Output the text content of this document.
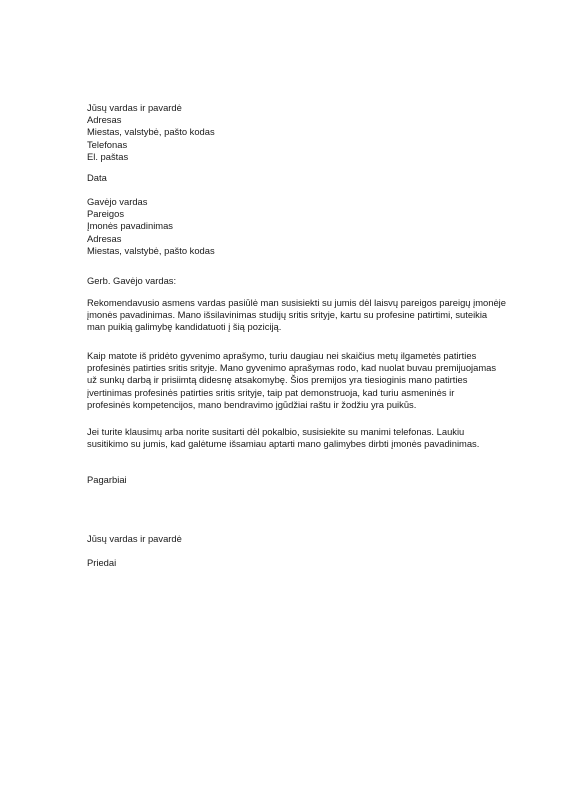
Jūsų vardas ir pavardė
Adresas
Miestas, valstybė, pašto kodas
Telefonas
El. paštas
Data
Gavėjo vardas
Pareigos
Įmonės pavadinimas
Adresas
Miestas, valstybė, pašto kodas
Gerb. Gavėjo vardas:
Rekomendavusio asmens vardas pasiūlė man susisiekti su jumis dėl laisvų pareigos pareigų įmonėje
įmonės pavadinimas. Mano išsilavinimas studijų sritis srityje, kartu su profesine patirtimi, suteikia
man puikią galimybę kandidatuoti į šią poziciją.
Kaip matote iš pridėto gyvenimo aprašymo, turiu daugiau nei skaičius metų ilgametės patirties
profesinės patirties sritis srityje. Mano gyvenimo aprašymas rodo, kad nuolat buvau premijuojamas
už sunkų darbą ir prisiimtą didesnę atsakomybę. Šios premijos yra tiesioginis mano patirties
įvertinimas profesinės patirties sritis srityje, taip pat demonstruoja, kad turiu asmeninės ir
profesinės kompetencijos, mano bendravimo įgūdžiai raštu ir žodžiu yra puikūs.
Jei turite klausimų arba norite susitarti dėl pokalbio, susisiekite su manimi telefonas. Laukiu
susitikimo su jumis, kad galėtume išsamiau aptarti mano galimybes dirbti įmonės pavadinimas.
Pagarbiai
Jūsų vardas ir pavardė
Priedai
